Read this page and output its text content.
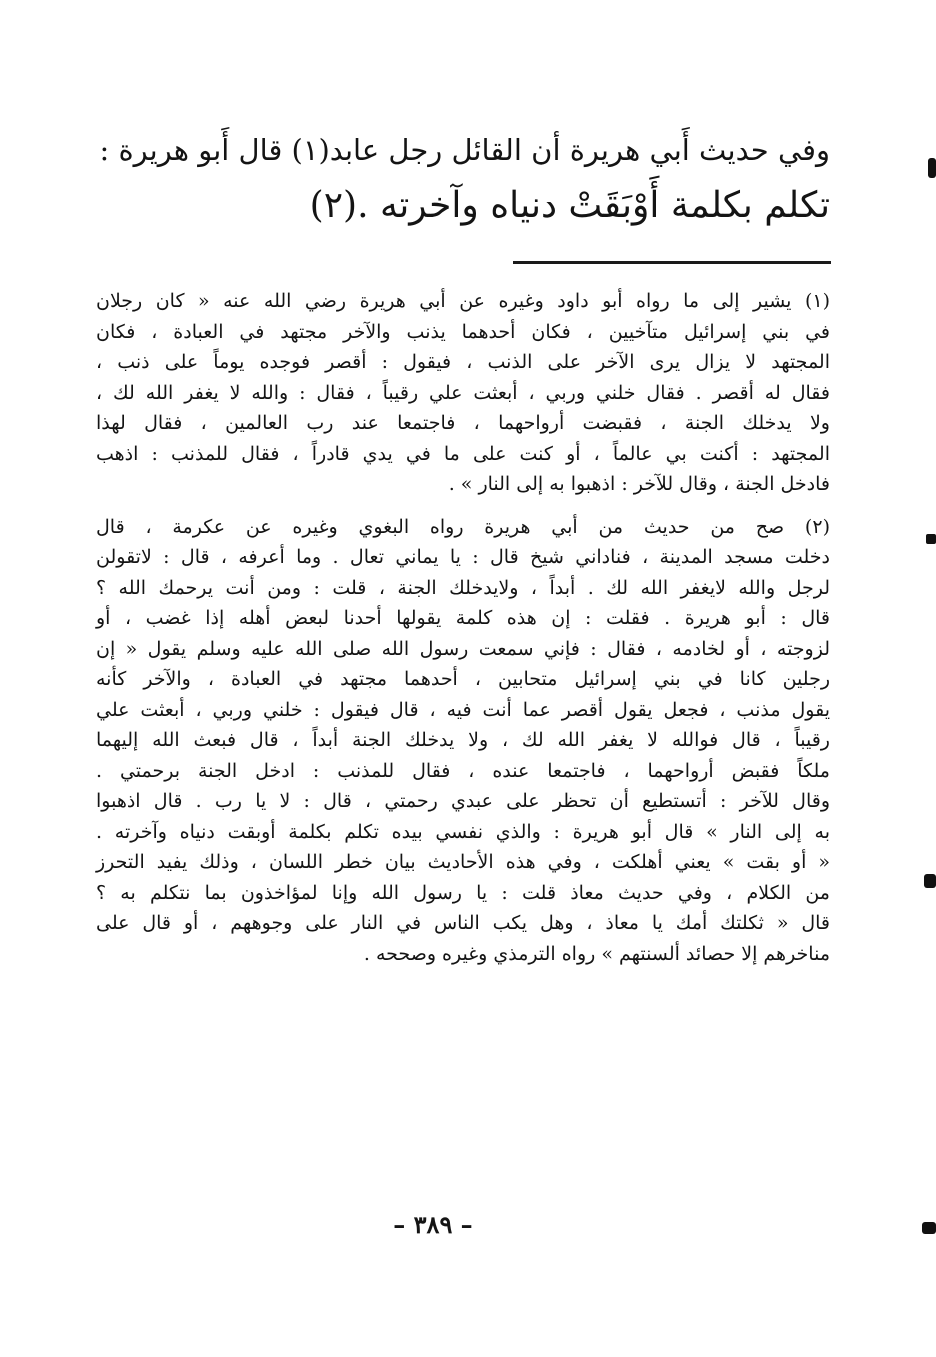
وفي حديث أَبي هريرة أن القائل رجل عابد(١) قال أَبو هريرة :
تكلم بكلمة أَوْبَقَتْ دنياه وآخرته .(٢)
(١) يشير إلى ما رواه أبو داود وغيره عن أبي هريرة رضي الله عنه « كان رجلان
في بني إسرائيل متآخيين ، فكان أحدهما يذنب والآخر مجتهد في العبادة ، فكان
المجتهد لا يزال يرى الآخر على الذنب ، فيقول : أقصر فوجده يوماً على ذنب ،
فقال له أقصر . فقال خلني وربي ، أبعثت علي رقيباً ، فقال : والله لا يغفر الله لك ،
ولا يدخلك الجنة ، فقبضت أرواحهما ، فاجتمعا عند رب العالمين ، فقال لهذا
المجتهد : أكنت بي عالماً ، أو كنت على ما في يدي قادراً ، فقال للمذنب : اذهب
فادخل الجنة ، وقال للآخر : اذهبوا به إلى النار » .
(٢) صح من حديث من أبي هريرة رواه البغوي وغيره عن عكرمة ، قال
دخلت مسجد المدينة ، فناداني شيخ قال : يا يماني تعال . وما أعرفه ، قال : لاتقولن
لرجل والله لايغفر الله لك . أبداً ، ولايدخلك الجنة ، قلت : ومن أنت يرحمك الله ؟
قال : أبو هريرة . فقلت : إن هذه كلمة يقولها أحدنا لبعض أهله إذا غضب ، أو
لزوجته ، أو لخادمه ، فقال : فإني سمعت رسول الله صلى الله عليه وسلم يقول « إن
رجلين كانا في بني إسرائيل متحابين ، أحدهما مجتهد في العبادة ، والآخر كأنه
يقول مذنب ، فجعل يقول أقصر عما أنت فيه ، قال فيقول : خلني وربي ، أبعثت علي
رقيباً ، قال فوالله لا يغفر الله لك ، ولا يدخلك الجنة أبداً ، قال فبعث الله إليهما
ملكاً فقبض أرواحهما ، فاجتمعا عنده ، فقال للمذنب : ادخل الجنة برحمتي .
وقال للآخر : أتستطيع أن تحظر على عبدي رحمتي ، قال : لا يا رب . قال اذهبوا
به إلى النار » قال أبو هريرة : والذي نفسي بيده تكلم بكلمة أوبقت دنياه وآخرته .
« أو بقت » يعني أهلكت ، وفي هذه الأحاديث بيان خطر اللسان ، وذلك يفيد التحرز
من الكلام ، وفي حديث معاذ قلت : يا رسول الله وإنا لمؤاخذون بما نتكلم به ؟
قال « ثكلتك أمك يا معاذ ، وهل يكب الناس في النار على وجوههم ، أو قال على
مناخرهم إلا حصائد ألسنتهم » رواه الترمذي وغيره وصححه .
– ٣٨٩ –
